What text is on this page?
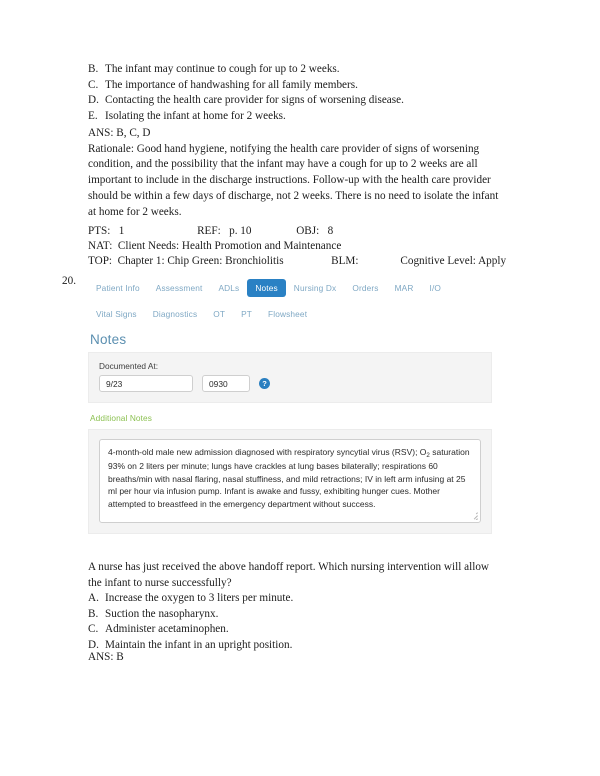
B. The infant may continue to cough for up to 2 weeks.
C. The importance of handwashing for all family members.
D. Contacting the health care provider for signs of worsening disease.
E. Isolating the infant at home for 2 weeks.
ANS: B, C, D
Rationale: Good hand hygiene, notifying the health care provider of signs of worsening condition, and the possibility that the infant may have a cough for up to 2 weeks are all important to include in the discharge instructions. Follow-up with the health care provider should be within a few days of discharge, not 2 weeks. There is no need to isolate the infant at home for 2 weeks.
PTS:   1                          REF:   p. 10                OBJ:   8
NAT:  Client Needs: Health Promotion and Maintenance
TOP:  Chapter 1: Chip Green: Bronchiolitis                 BLM:               Cognitive Level: Apply
20.
Patient Info	Assessment	ADLs	Notes	Nursing Dx	Orders	MAR	I/O
Vital Signs	Diagnostics	OT	PT	Flowsheet
Notes
Documented At:
9/23	0930	?
Additional Notes
4-month-old male new admission diagnosed with respiratory syncytial virus (RSV); $O_2$ saturation 93% on 2 liters per minute; lungs have crackles at lung bases bilaterally; respirations 60 breaths/min with nasal flaring, nasal stuffiness, and mild retractions; IV in left arm infusing at 25 ml per hour via infusion pump. Infant is awake and fussy, exhibiting hunger cues. Mother attempted to breastfeed in the emergency department without success.
A nurse has just received the above handoff report. Which nursing intervention will allow
the infant to nurse successfully?
A. Increase the oxygen to 3 liters per minute.
B. Suction the nasopharynx.
C. Administer acetaminophen.
D. Maintain the infant in an upright position.
ANS: B
